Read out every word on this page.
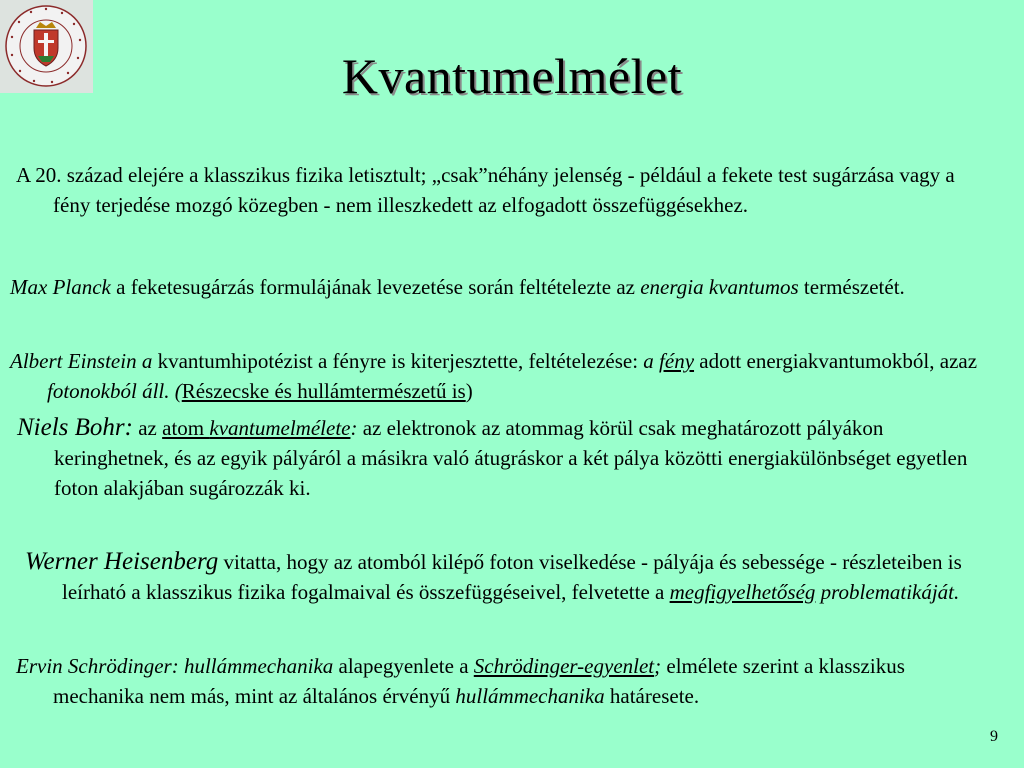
Kvantumelmélet

A 20. század elejére a klasszikus fizika letisztult; „csak”néhány jelenség - például a fekete test sugárzása vagy a fény terjedése mozgó közegben - nem illeszkedett az elfogadott összefüggésekhez.

Max Planck a feketesugárzás formulájának levezetése során feltételezte az energia kvantumos természetét.

Albert Einstein a kvantumhipotézist a fényre is kiterjesztette, feltételezése: a fény adott energiakvantumokból, azaz fotonokból áll. (Részecske és hullámtermészetű is)

Niels Bohr: az atom kvantumelmélete: az elektronok az atommag körül csak meghatározott pályákon keringhetnek, és az egyik pályáról a másikra való átugráskor a két pálya közötti energiakülönbséget egyetlen foton alakjában sugározzák ki.

Werner Heisenberg vitatta, hogy az atomból kilépő foton viselkedése - pályája és sebessége - részleteiben is leírható a klasszikus fizika fogalmaival és összefüggéseivel, felvetette a megfigyelhetőség problematikáját.

Ervin Schrödinger: hullámmechanika alapegyenlete a Schrödinger-egyenlet; elmélete szerint a klasszikus mechanika nem más, mint az általános érvényű hullámmechanika határesete.

9
